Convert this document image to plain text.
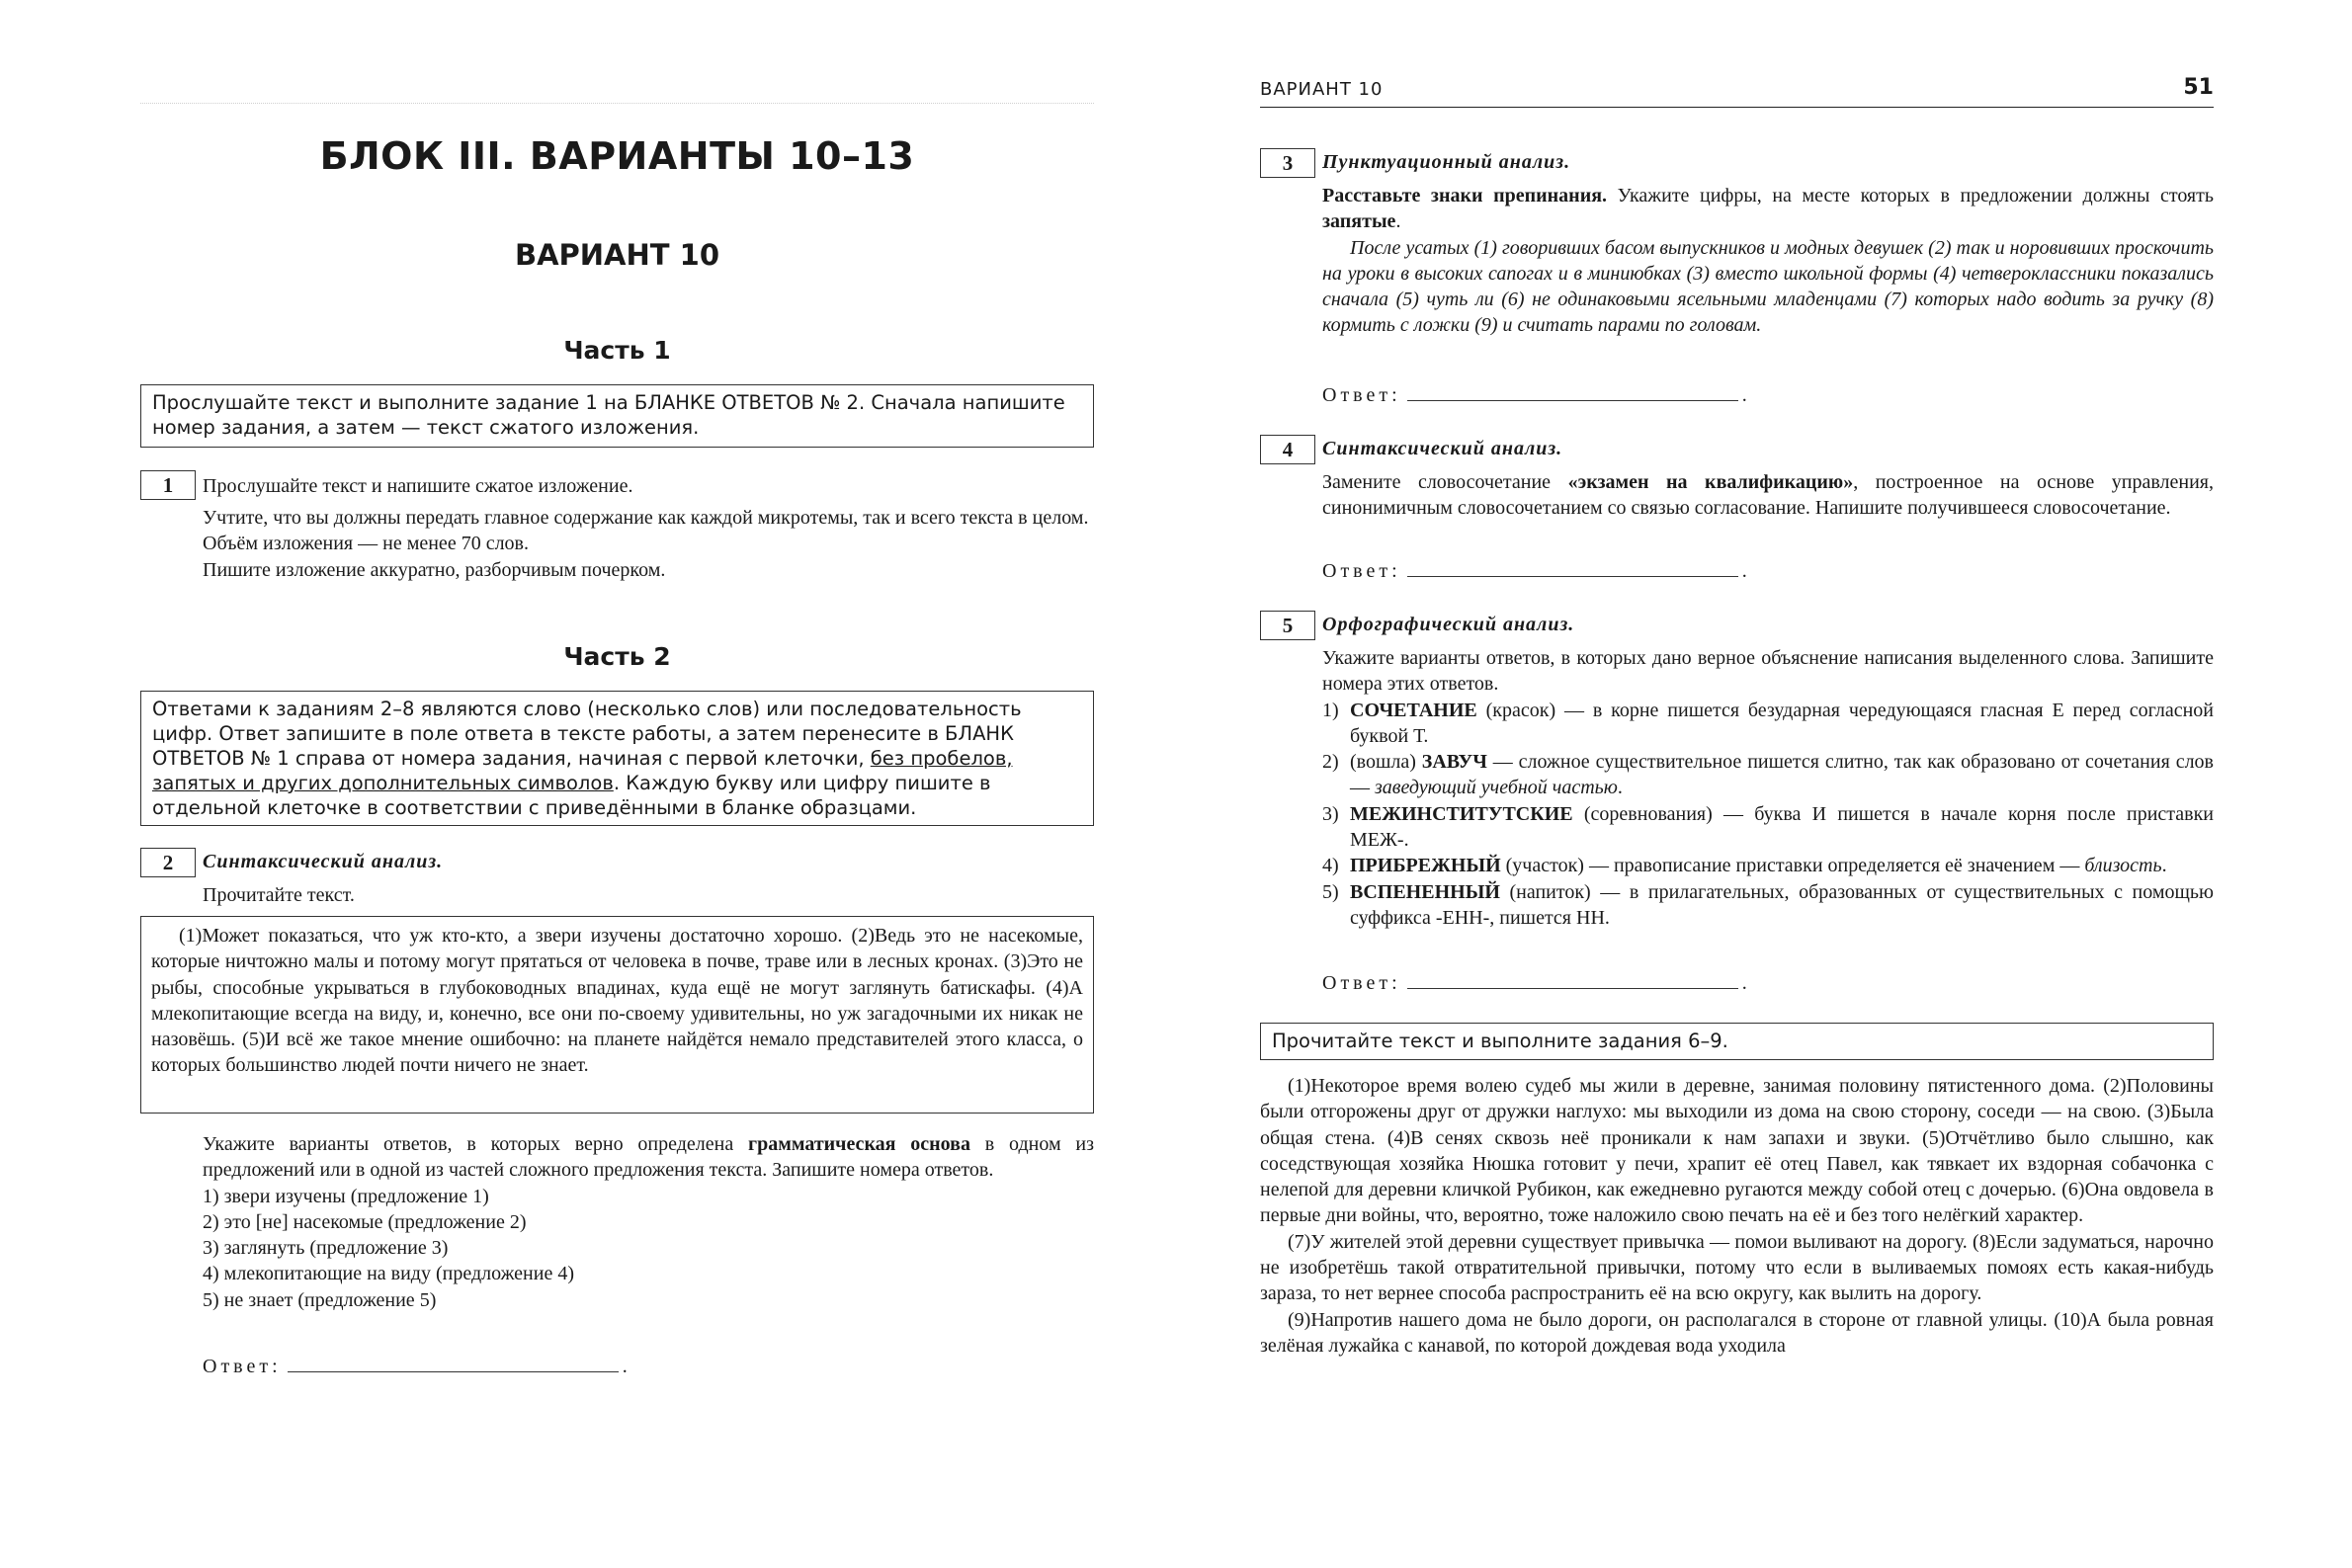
БЛОК III. ВАРИАНТЫ 10–13
ВАРИАНТ 10
Часть 1
Прослушайте текст и выполните задание 1 на БЛАНКЕ ОТВЕТОВ № 2. Сначала напишите номер задания, а затем — текст сжатого изложения.
1	Прослушайте текст и напишите сжатое изложение.

Учтите, что вы должны передать главное содержание как каждой микротемы, так и всего текста в целом.

Объём изложения — не менее 70 слов.

Пишите изложение аккуратно, разборчивым почерком.

Часть 2
Ответами к заданиям 2–8 являются слово (несколько слов) или последовательность цифр. Ответ запишите в поле ответа в тексте работы, а затем перенесите в БЛАНК ОТВЕТОВ № 1 справа от номера задания, начиная с первой клеточки, без пробелов, запятых и других дополнительных символов. Каждую букву или цифру пишите в отдельной клеточке в соответствии с приведёнными в бланке образцами.
2	Синтаксический анализ.
Прочитайте текст.

(1)Может показаться, что уж кто-кто, а звери изучены достаточно хорошо. (2)Ведь это не насекомые, которые ничтожно малы и потому могут прятаться от человека в почве, траве или в лесных кронах. (3)Это не рыбы, способные укрываться в глубоководных впадинах, куда ещё не могут заглянуть батискафы. (4)А млекопитающие всегда на виду, и, конечно, все они по-своему удивительны, но уж загадочными их никак не назовёшь. (5)И всё же такое мнение ошибочно: на планете найдётся немало представителей этого класса, о которых большинство людей почти ничего не знает.

Укажите варианты ответов, в которых верно определена грамматическая основа в одном из предложений или в одной из частей сложного предложения текста. Запишите номера ответов.

1) звери изучены (предложение 1)

2) это [не] насекомые (предложение 2)

3) заглянуть (предложение 3)

4) млекопитающие на виду (предложение 4)

5) не знает (предложение 5)

Ответ:	.
ВАРИАНТ 10	51
3	Пунктуационный анализ.

Расставьте знаки препинания. Укажите цифры, на месте которых в предложении должны стоять запятые.

После усатых (1) говоривших басом выпускников и модных девушек (2) так и норовивших проскочить на уроки в высоких сапогах и в миниюбках (3) вместо школьной формы (4) четвероклассники показались сначала (5) чуть ли (6) не одинаковыми ясельными младенцами (7) которых надо водить за ручку (8) кормить с ложки (9) и считать парами по головам.

Ответ:	.
4	Синтаксический анализ.

Замените словосочетание «экзамен на квалификацию», построенное на основе управления, синонимичным словосочетанием со связью согласование. Напишите получившееся словосочетание.

Ответ:	.
5	Орфографический анализ.

Укажите варианты ответов, в которых дано верное объяснение написания выделенного слова. Запишите номера этих ответов.

1) СОЧЕТАНИЕ (красок) — в корне пишется безударная чередующаяся гласная Е перед согласной буквой Т.
2) (вошла) ЗАВУЧ — сложное существительное пишется слитно, так как образовано от сочетания слов — заведующий учебной частью.
3) МЕЖИНСТИТУТСКИЕ (соревнования) — буква И пишется в начале корня после приставки МЕЖ-.
4) ПРИБРЕЖНЫЙ (участок) — правописание приставки определяется её значением — близость.
5) ВСПЕНЕННЫЙ (напиток) — в прилагательных, образованных от существительных с помощью суффикса -ЕНН-, пишется НН.
Ответ:	.
Прочитайте текст и выполните задания 6–9.

(1)Некоторое время волею судеб мы жили в деревне, занимая половину пятистенного дома. (2)Половины были отгорожены друг от дружки наглухо: мы выходили из дома на свою сторону, соседи — на свою. (3)Была общая стена. (4)В сенях сквозь неё проникали к нам запахи и звуки. (5)Отчётливо было слышно, как соседствующая хозяйка Нюшка готовит у печи, храпит её отец Павел, как тявкает их вздорная собачонка с нелепой для деревни кличкой Рубикон, как ежедневно ругаются между собой отец с дочерью. (6)Она овдовела в первые дни войны, что, вероятно, тоже наложило свою печать на её и без того нелёгкий характер.

(7)У жителей этой деревни существует привычка — помои выливают на дорогу. (8)Если задуматься, нарочно не изобретёшь такой отвратительной привычки, потому что если в выливаемых помоях есть какая-нибудь зараза, то нет вернее способа распространить её на всю округу, как вылить на дорогу.

(9)Напротив нашего дома не было дороги, он располагался в стороне от главной улицы. (10)А была ровная зелёная лужайка с канавой, по которой дождевая вода уходила
